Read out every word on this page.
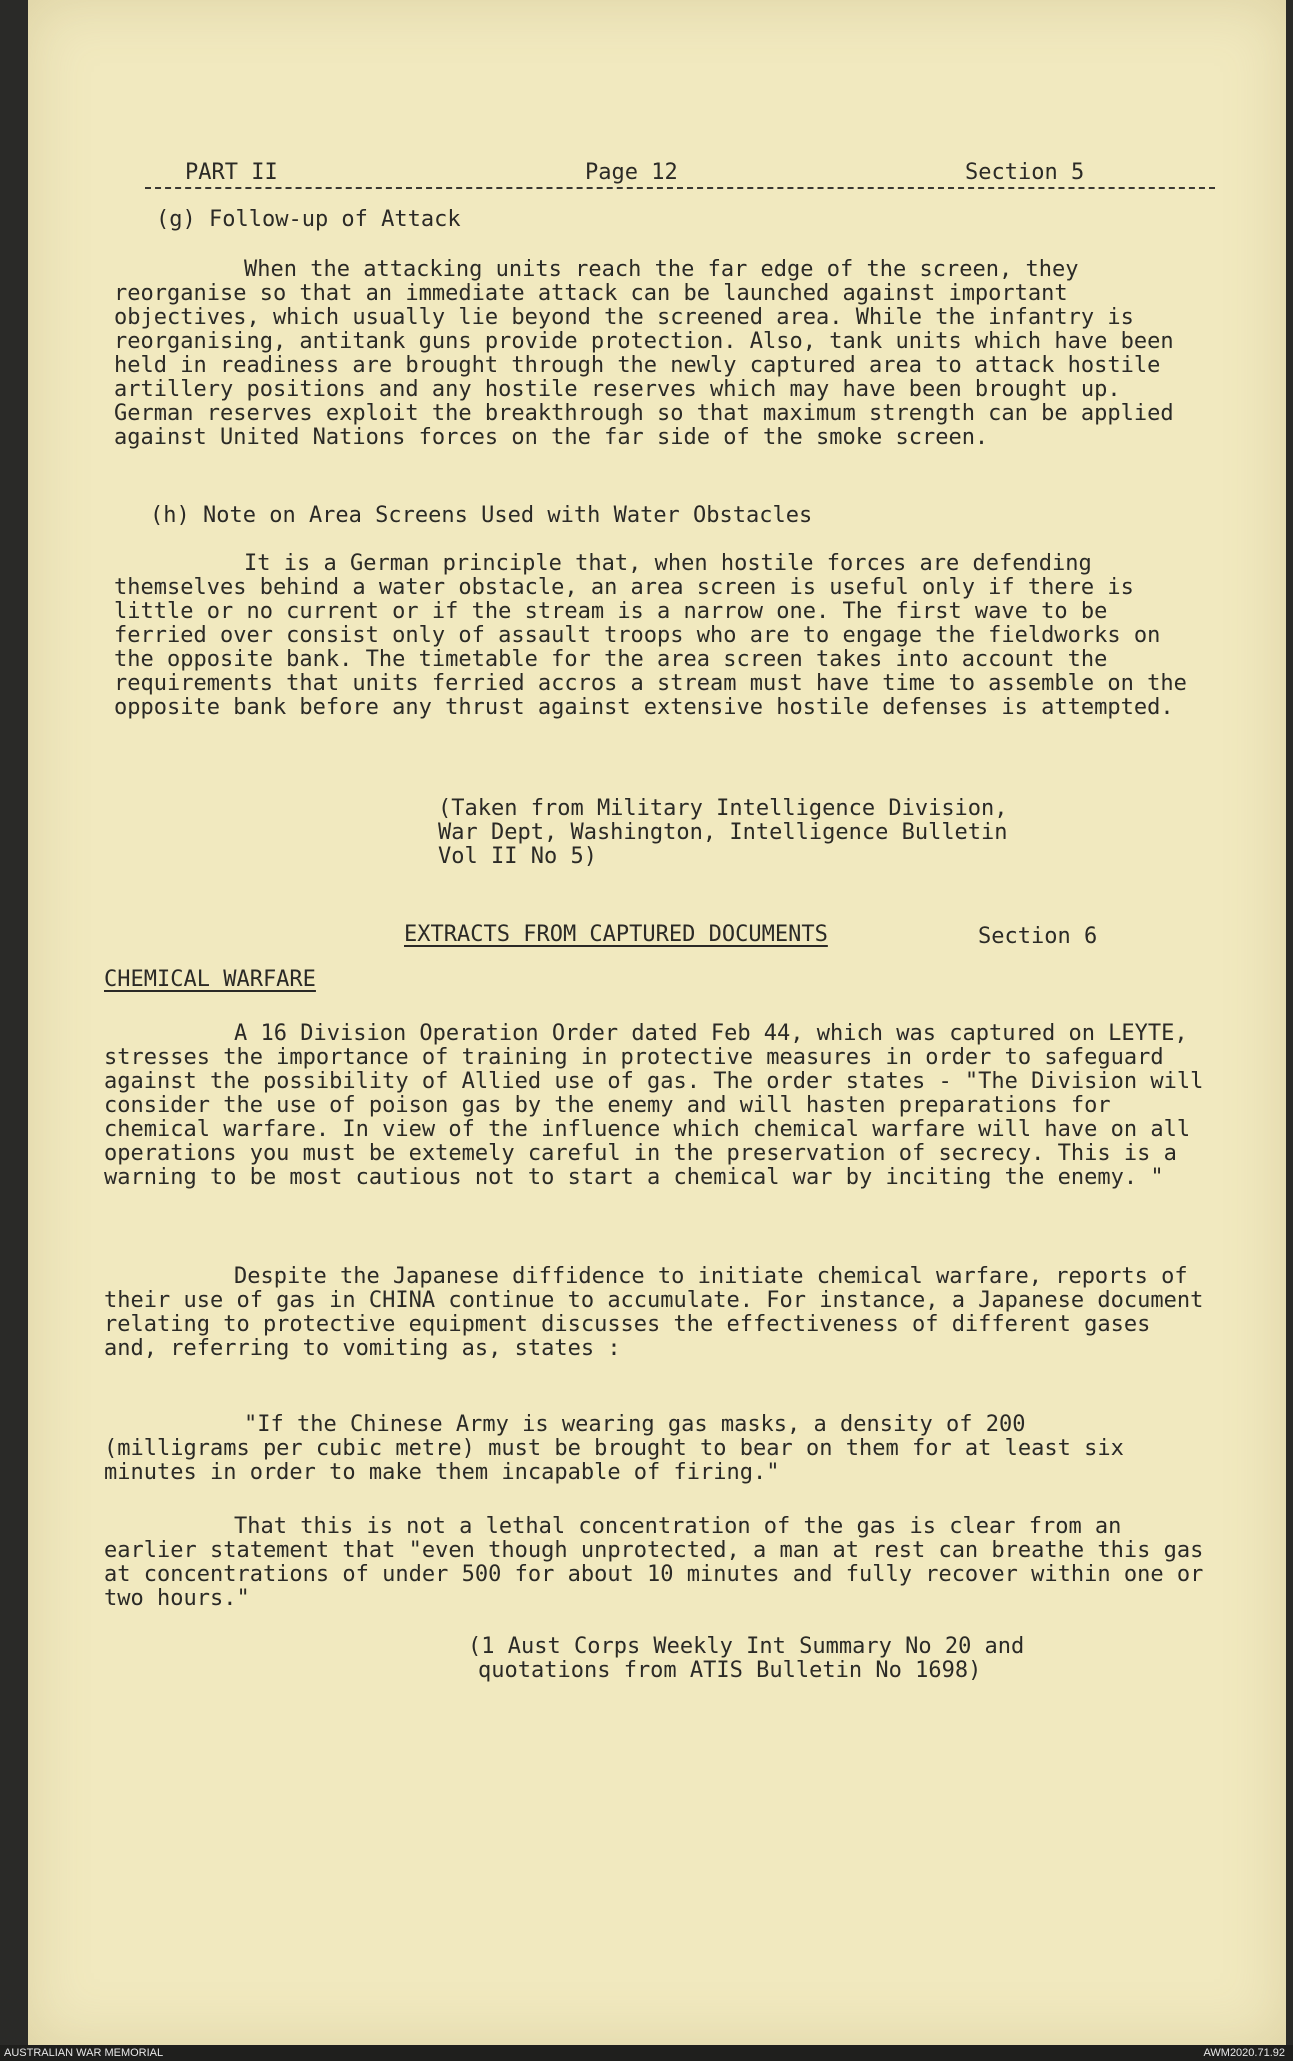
PART II	Page 12	Section 5
(g) Follow-up of Attack

When the attacking units reach the far edge of the screen, they reorganise so that an immediate attack can be launched against important objectives, which usually lie beyond the screened area. While the infantry is reorganising, antitank guns provide protection. Also, tank units which have been held in readiness are brought through the newly captured area to attack hostile artillery positions and any hostile reserves which may have been brought up. German reserves exploit the breakthrough so that maximum strength can be applied against United Nations forces on the far side of the smoke screen.

(h) Note on Area Screens Used with Water Obstacles

It is a German principle that, when hostile forces are defending themselves behind a water obstacle, an area screen is useful only if there is little or no current or if the stream is a narrow one. The first wave to be ferried over consist only of assault troops who are to engage the fieldworks on the opposite bank. The timetable for the area screen takes into account the requirements that units ferried accros a stream must have time to assemble on the opposite bank before any thrust against extensive hostile defenses is attempted.

(Taken from Military Intelligence Division,
War Dept, Washington, Intelligence Bulletin
Vol II No 5)
EXTRACTS FROM CAPTURED DOCUMENTS	Section 6
CHEMICAL WARFARE

A 16 Division Operation Order dated Feb 44, which was captured on LEYTE, stresses the importance of training in protective measures in order to safeguard against the possibility of Allied use of gas. The order states - "The Division will consider the use of poison gas by the enemy and will hasten preparations for chemical warfare. In view of the influence which chemical warfare will have on all operations you must be extemely careful in the preservation of secrecy. This is a warning to be most cautious not to start a chemical war by inciting the enemy. "

Despite the Japanese diffidence to initiate chemical warfare, reports of their use of gas in CHINA continue to accumulate. For instance, a Japanese document relating to protective equipment discusses the effectiveness of different gases and, referring to vomiting as, states :

"If the Chinese Army is wearing gas masks, a density of 200 (milligrams per cubic metre) must be brought to bear on them for at least six minutes in order to make them incapable of firing."

That this is not a lethal concentration of the gas is clear from an earlier statement that "even though unprotected, a man at rest can breathe this gas at concentrations of under 500 for about 10 minutes and fully recover within one or two hours."

(1 Aust Corps Weekly Int Summary No 20 and
quotations from ATIS Bulletin No 1698)
AUSTRALIAN WAR MEMORIAL	AWM2020.71.92
